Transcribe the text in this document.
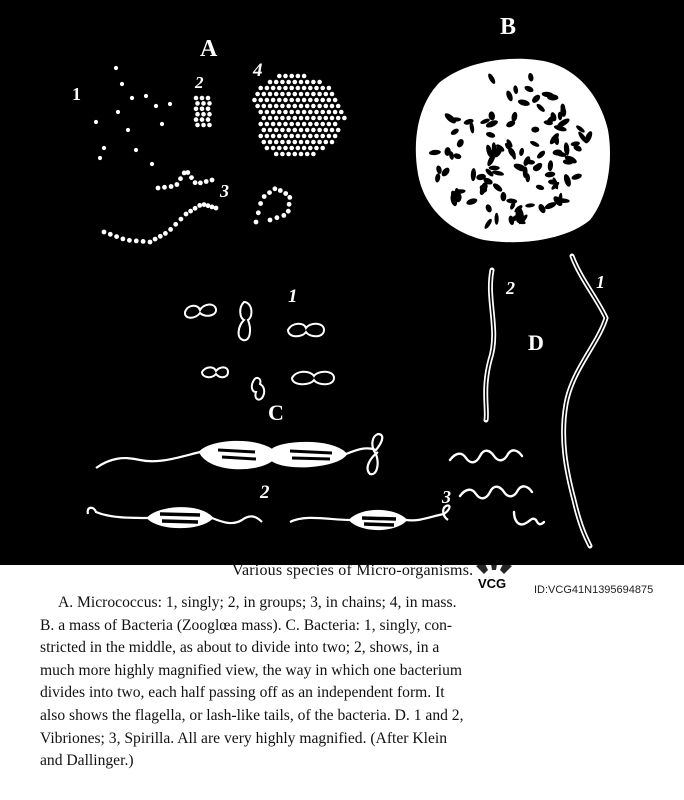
A
1
2
4
3
B
1
C
2
D
2	1
3
Various species of Micro-organisms.
ID:VCG41N1395694875
VCG
A. Micrococcus: 1, singly; 2, in groups; 3, in chains; 4, in mass.
B. a mass of Bacteria (Zooglœa mass). C. Bacteria: 1, singly, con-
stricted in the middle, as about to divide into two; 2, shows, in a
much more highly magnified view, the way in which one bacterium
divides into two, each half passing off as an independent form. It
also shows the flagella, or lash-like tails, of the bacteria. D. 1 and 2,
Vibriones; 3, Spirilla. All are very highly magnified. (After Klein
and Dallinger.)
